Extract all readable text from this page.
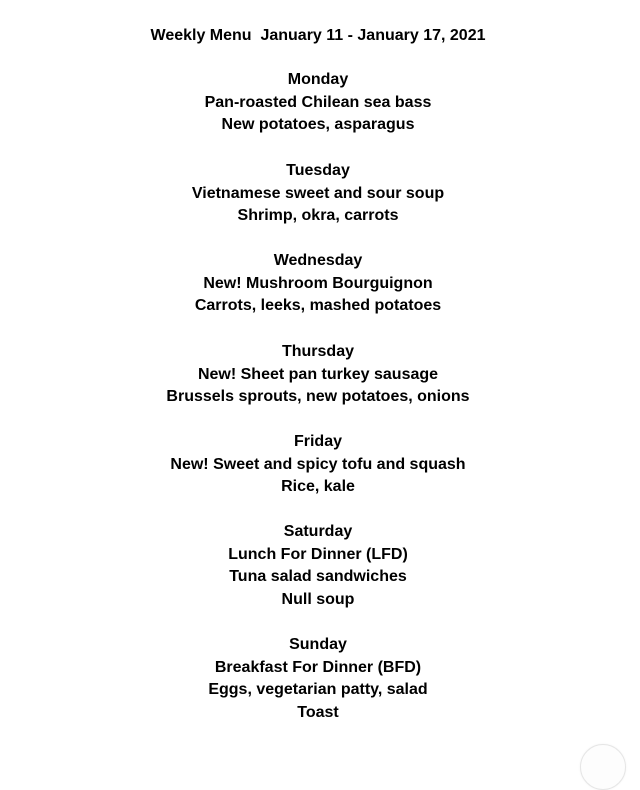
Weekly Menu  January 11 - January 17, 2021
Monday
Pan-roasted Chilean sea bass
New potatoes, asparagus
Tuesday
Vietnamese sweet and sour soup
Shrimp, okra, carrots
Wednesday
New! Mushroom Bourguignon
Carrots, leeks, mashed potatoes
Thursday
New! Sheet pan turkey sausage
Brussels sprouts, new potatoes, onions
Friday
New! Sweet and spicy tofu and squash
Rice, kale
Saturday
Lunch For Dinner (LFD)
Tuna salad sandwiches
Null soup
Sunday
Breakfast For Dinner (BFD)
Eggs, vegetarian patty, salad
Toast
